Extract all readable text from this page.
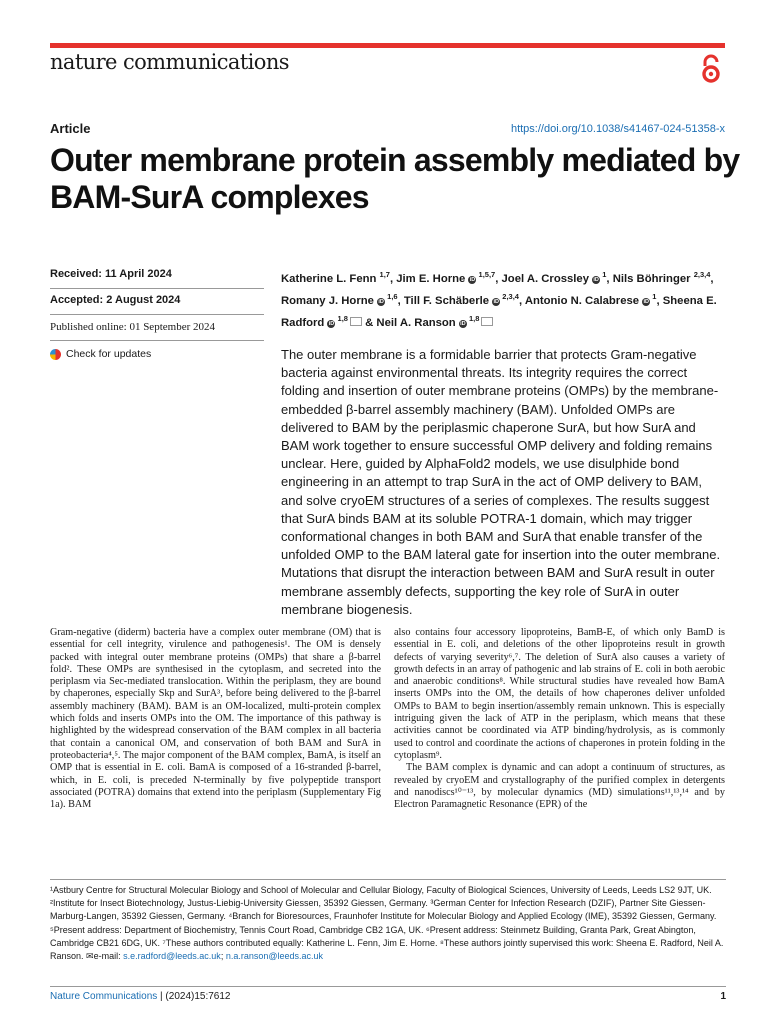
nature communications
Article	https://doi.org/10.1038/s41467-024-51358-x
Outer membrane protein assembly mediated by BAM-SurA complexes
Received: 11 April 2024
Accepted: 2 August 2024
Published online: 01 September 2024
Check for updates
Katherine L. Fenn $^{1,7}$, Jim E. Horne iD $^{1,5,7}$, Joel A. Crossley iD $^1$, Nils Böhringer $^{2,3,4}$, Romany J. Horne iD $^{1,6}$, Till F. Schäberle iD $^{2,3,4}$, Antonio N. Calabrese iD $^1$, Sheena E. Radford iD $^{1,8}$ & Neil A. Ranson iD $^{1,8}$

The outer membrane is a formidable barrier that protects Gram-negative bacteria against environmental threats. Its integrity requires the correct folding and insertion of outer membrane proteins (OMPs) by the membrane-embedded β-barrel assembly machinery (BAM). Unfolded OMPs are delivered to BAM by the periplasmic chaperone SurA, but how SurA and BAM work together to ensure successful OMP delivery and folding remains unclear. Here, guided by AlphaFold2 models, we use disulphide bond engineering in an attempt to trap SurA in the act of OMP delivery to BAM, and solve cryoEM structures of a series of complexes. The results suggest that SurA binds BAM at its soluble POTRA-1 domain, which may trigger conformational changes in both BAM and SurA that enable transfer of the unfolded OMP to the BAM lateral gate for insertion into the outer membrane. Mutations that disrupt the interaction between BAM and SurA result in outer membrane assembly defects, supporting the key role of SurA in outer membrane biogenesis.

Gram-negative (diderm) bacteria have a complex outer membrane (OM) that is essential for cell integrity, virulence and pathogenesis¹. The OM is densely packed with integral outer membrane proteins (OMPs) that share a β-barrel fold². These OMPs are synthesised in the cytoplasm, and secreted into the periplasm via Sec-mediated translocation. Within the periplasm, they are bound by chaperones, especially Skp and SurA³, before being delivered to the β-barrel assembly machinery (BAM). BAM is an OM-localized, multi-protein complex which folds and inserts OMPs into the OM. The importance of this pathway is highlighted by the widespread conservation of the BAM complex in all bacteria that contain a canonical OM, and conservation of both BAM and SurA in proteobacteria⁴,⁵. The major component of the BAM complex, BamA, is itself an OMP that is essential in E. coli. BamA is composed of a 16-stranded β-barrel, which, in E. coli, is preceded N-terminally by five polypeptide transport associated (POTRA) domains that extend into the periplasm (Supplementary Fig 1a). BAM

also contains four accessory lipoproteins, BamB-E, of which only BamD is essential in E. coli, and deletions of the other lipoproteins result in growth defects of varying severity⁶,⁷. The deletion of SurA also causes a variety of growth defects in an array of pathogenic and lab strains of E. coli in both aerobic and anaerobic conditions⁸. While structural studies have revealed how BamA inserts OMPs into the OM, the details of how chaperones deliver unfolded OMPs to BAM to begin insertion/assembly remain unknown. This is especially intriguing given the lack of ATP in the periplasm, which means that these activities cannot be coordinated via ATP binding/hydrolysis, as is commonly used to control and coordinate the actions of chaperones in protein folding in the cytoplasm⁹.

The BAM complex is dynamic and can adopt a continuum of structures, as revealed by cryoEM and crystallography of the purified complex in detergents and nanodiscs¹⁰⁻¹³, by molecular dynamics (MD) simulations¹¹,¹³,¹⁴ and by Electron Paramagnetic Resonance (EPR) of the

¹Astbury Centre for Structural Molecular Biology and School of Molecular and Cellular Biology, Faculty of Biological Sciences, University of Leeds, Leeds LS2 9JT, UK. ²Institute for Insect Biotechnology, Justus-Liebig-University Giessen, 35392 Giessen, Germany. ³German Center for Infection Research (DZIF), Partner Site Giessen-Marburg-Langen, 35392 Giessen, Germany. ⁴Branch for Bioresources, Fraunhofer Institute for Molecular Biology and Applied Ecology (IME), 35392 Giessen, Germany. ⁵Present address: Department of Biochemistry, Tennis Court Road, Cambridge CB2 1GA, UK. ⁶Present address: Steinmetz Building, Granta Park, Great Abington, Cambridge CB21 6DG, UK. ⁷These authors contributed equally: Katherine L. Fenn, Jim E. Horne. ⁸These authors jointly supervised this work: Sheena E. Radford, Neil A. Ranson. ✉e-mail: s.e.radford@leeds.ac.uk; n.a.ranson@leeds.ac.uk
Nature Communications | (2024)15:7612	1
